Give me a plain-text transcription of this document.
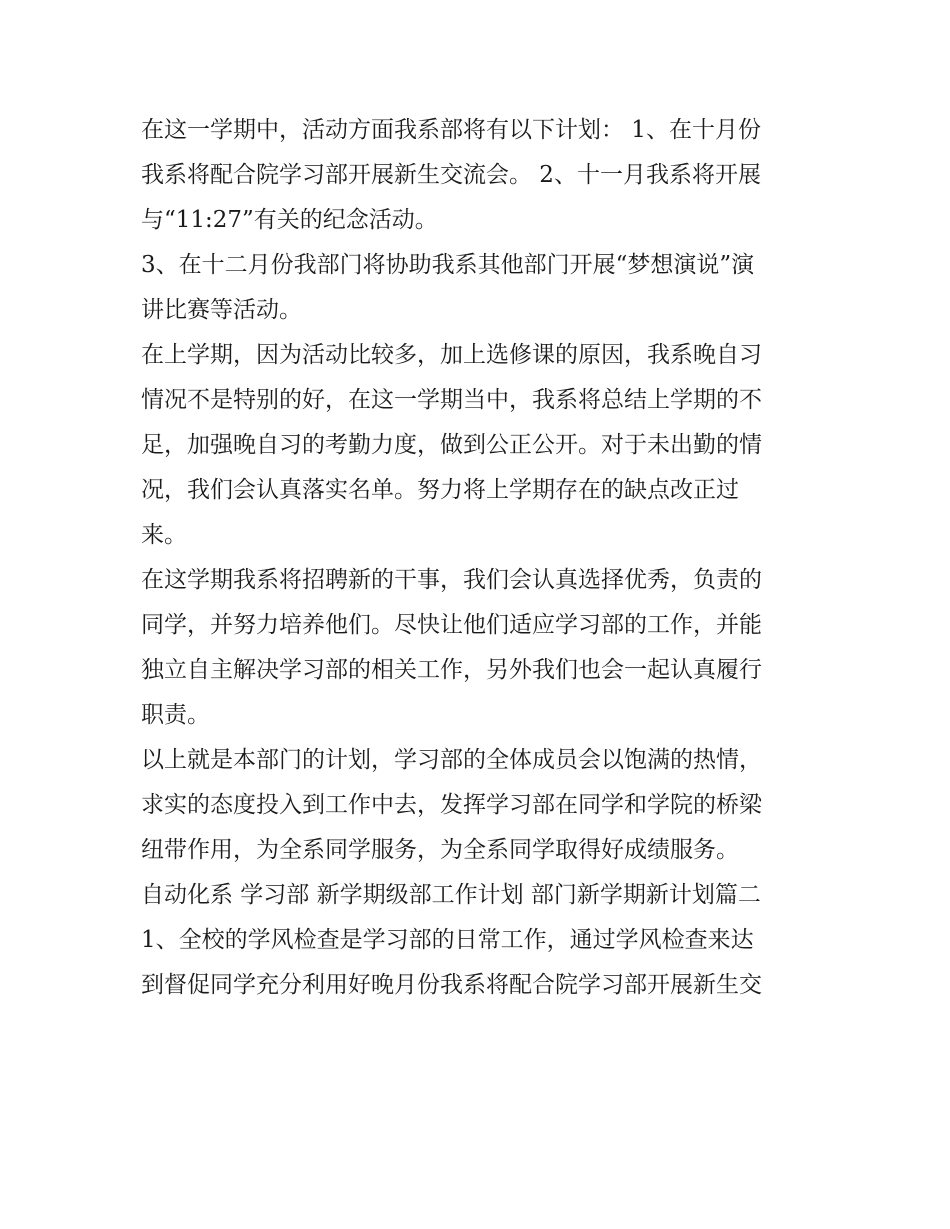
在这一学期中，活动方面我系部将有以下计划： 1、在十月份
我系将配合院学习部开展新生交流会。 2、十一月我系将开展
与“11:27”有关的纪念活动。

3、在十二月份我部门将协助我系其他部门开展“梦想演说”演
讲比赛等活动。

在上学期，因为活动比较多，加上选修课的原因，我系晚自习
情况不是特别的好，在这一学期当中，我系将总结上学期的不
足，加强晚自习的考勤力度，做到公正公开。对于未出勤的情
况，我们会认真落实名单。努力将上学期存在的缺点改正过
来。

在这学期我系将招聘新的干事，我们会认真选择优秀，负责的
同学，并努力培养他们。尽快让他们适应学习部的工作，并能
独立自主解决学习部的相关工作，另外我们也会一起认真履行
职责。

以上就是本部门的计划，学习部的全体成员会以饱满的热情，
求实的态度投入到工作中去，发挥学习部在同学和学院的桥梁
纽带作用，为全系同学服务，为全系同学取得好成绩服务。

自动化系 学习部 新学期级部工作计划 部门新学期新计划篇二

1、全校的学风检查是学习部的日常工作，通过学风检查来达
到督促同学充分利用好晚月份我系将配合院学习部开展新生交
